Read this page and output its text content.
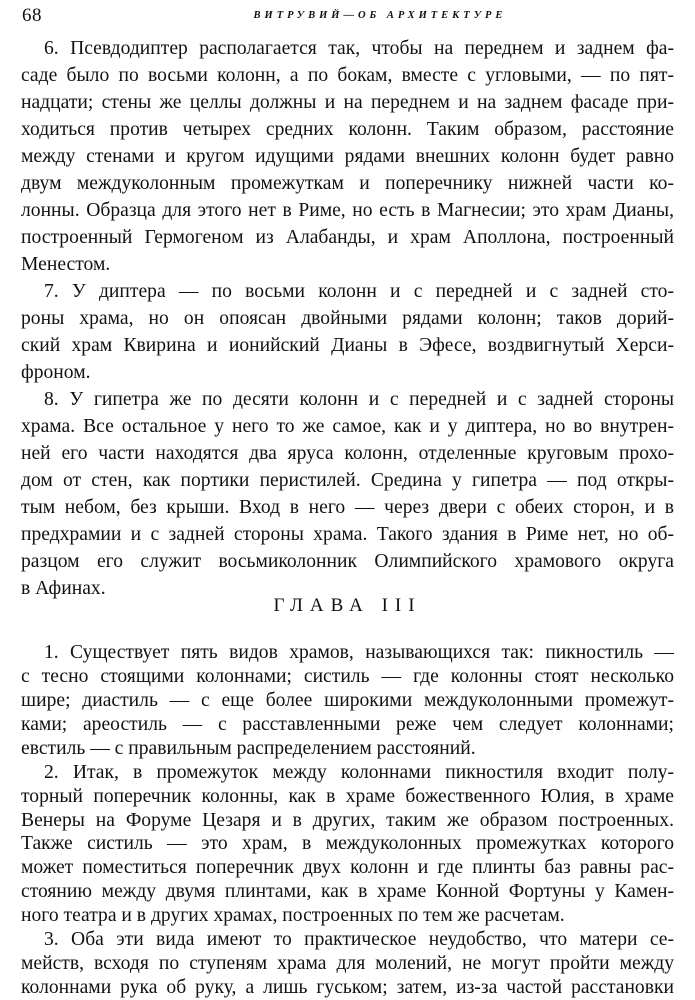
68	ВИТРУВИЙ—ОБ АРХИТЕКТУРЕ
6. Псевдодиптер располагается так, чтобы на переднем и заднем фа-
саде было по восьми колонн, а по бокам, вместе с угловыми, — по пят-
надцати; стены же целлы должны и на переднем и на заднем фасаде при-
ходиться против четырех средних колонн. Таким образом, расстояние
между стенами и кругом идущими рядами внешних колонн будет равно
двум междуколонным промежуткам и поперечнику нижней части ко-
лонны. Образца для этого нет в Риме, но есть в Магнесии; это храм Дианы,
построенный Гермогеном из Алабанды, и храм Аполлона, построенный
Менестом.
7. У диптера — по восьми колонн и с передней и с задней сто-
роны храма, но он опоясан двойными рядами колонн; таков дорий-
ский храм Квирина и ионийский Дианы в Эфесе, воздвигнутый Херси-
фроном.
8. У гипетра же по десяти колонн и с передней и с задней стороны
храма. Все остальное у него то же самое, как и у диптера, но во внутрен-
ней его части находятся два яруса колонн, отделенные круговым прохо-
дом от стен, как портики перистилей. Средина у гипетра — под откры-
тым небом, без крыши. Вход в него — через двери с обеих сторон, и в
предхрамии и с задней стороны храма. Такого здания в Риме нет, но об-
разцом его служит восьмиколонник Олимпийского храмового округа
в Афинах.
ГЛАВА III
1. Существует пять видов храмов, называющихся так: пикностиль —
с тесно стоящими колоннами; систиль — где колонны стоят несколько
шире; диастиль — с еще более широкими междуколонными промежут-
ками; ареостиль — с расставленными реже чем следует колоннами;
евстиль — с правильным распределением расстояний.
2. Итак, в промежуток между колоннами пикностиля входит полу-
торный поперечник колонны, как в храме божественного Юлия, в храме
Венеры на Форуме Цезаря и в других, таким же образом построенных.
Также систиль — это храм, в междуколонных промежутках которого
может поместиться поперечник двух колонн и где плинты баз равны рас-
стоянию между двумя плинтами, как в храме Конной Фортуны у Камен-
ного театра и в других храмах, построенных по тем же расчетам.
3. Оба эти вида имеют то практическое неудобство, что матери се-
мейств, всходя по ступеням храма для молений, не могут пройти между
колоннами рука об руку, а лишь гуськом; затем, из-за частой расстановки
